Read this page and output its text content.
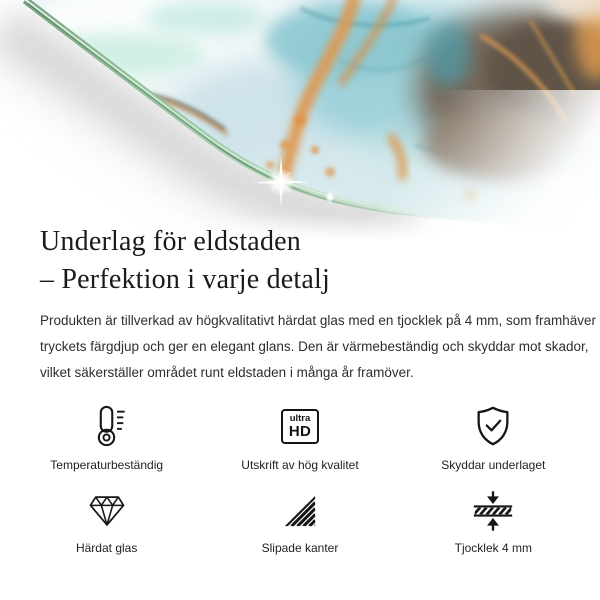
Underlag för eldstaden
– Perfektion i varje detalj
Produkten är tillverkad av högkvalitativt härdat glas med en tjocklek på 4 mm, som framhäver
tryckets färgdjup och ger en elegant glans. Den är värmebeständig och skyddar mot skador,
vilket säkerställer området runt eldstaden i många år framöver.
Temperaturbeständig
ultra
HD
Utskrift av hög kvalitet	Skyddar underlaget
Härdat glas	Slipade kanter	Tjocklek 4 mm
